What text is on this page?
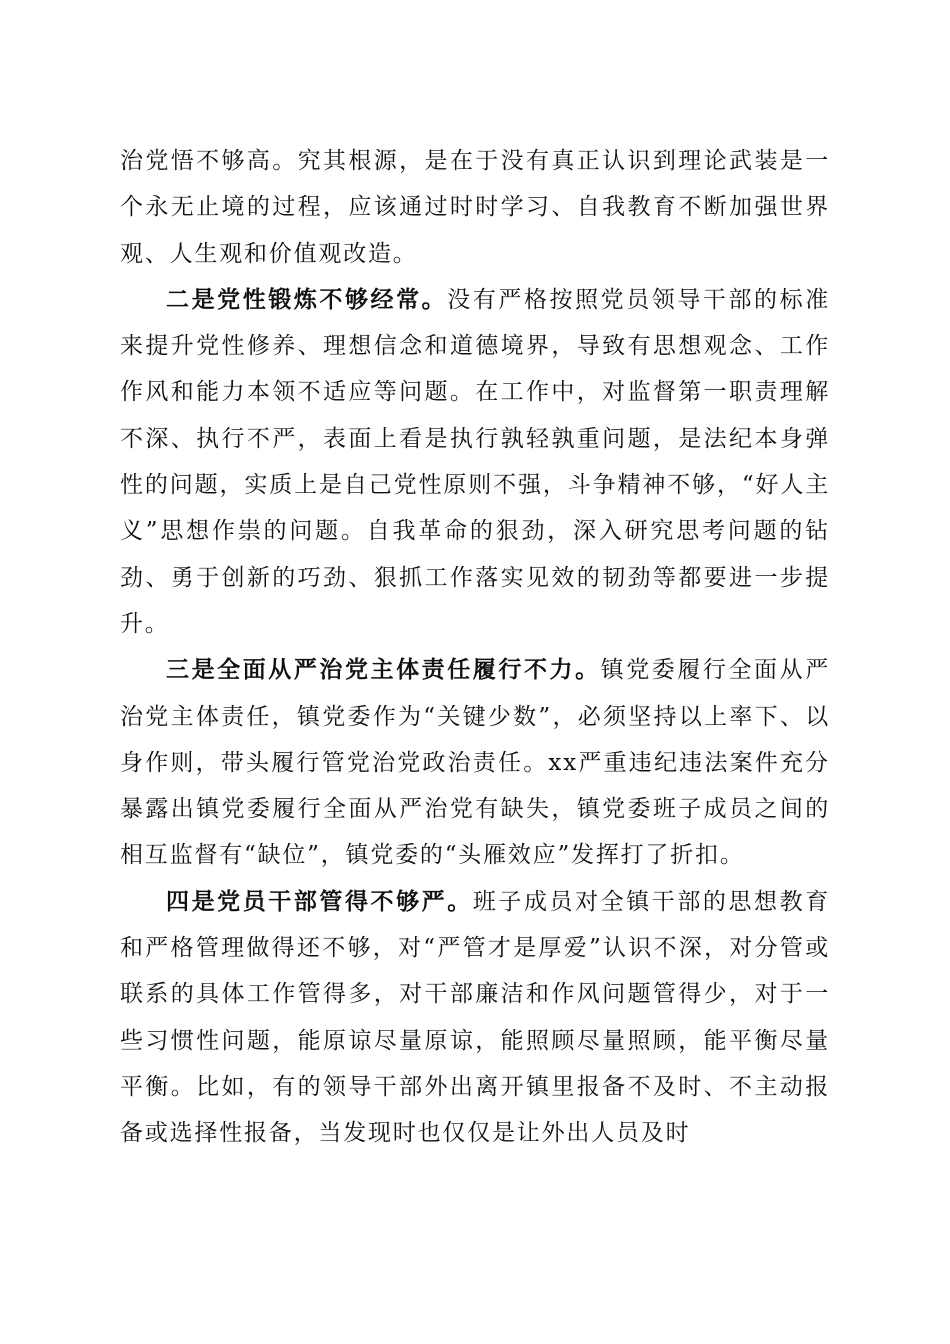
治党悟不够高。究其根源，是在于没有真正认识到理论武装是一个永无止境的过程，应该通过时时学习、自我教育不断加强世界观、人生观和价值观改造。

二是党性锻炼不够经常。没有严格按照党员领导干部的标准来提升党性修养、理想信念和道德境界，导致有思想观念、工作作风和能力本领不适应等问题。在工作中，对监督第一职责理解不深、执行不严，表面上看是执行孰轻孰重问题，是法纪本身弹性的问题，实质上是自己党性原则不强，斗争精神不够，“好人主义”思想作祟的问题。自我革命的狠劲，深入研究思考问题的钻劲、勇于创新的巧劲、狠抓工作落实见效的韧劲等都要进一步提升。

三是全面从严治党主体责任履行不力。镇党委履行全面从严治党主体责任，镇党委作为“关键少数”，必须坚持以上率下、以身作则，带头履行管党治党政治责任。xx严重违纪违法案件充分暴露出镇党委履行全面从严治党有缺失，镇党委班子成员之间的相互监督有“缺位”，镇党委的“头雁效应”发挥打了折扣。

四是党员干部管得不够严。班子成员对全镇干部的思想教育和严格管理做得还不够，对“严管才是厚爱”认识不深，对分管或联系的具体工作管得多，对干部廉洁和作风问题管得少，对于一些习惯性问题，能原谅尽量原谅，能照顾尽量照顾，能平衡尽量平衡。比如，有的领导干部外出离开镇里报备不及时、不主动报备或选择性报备，当发现时也仅仅是让外出人员及时
